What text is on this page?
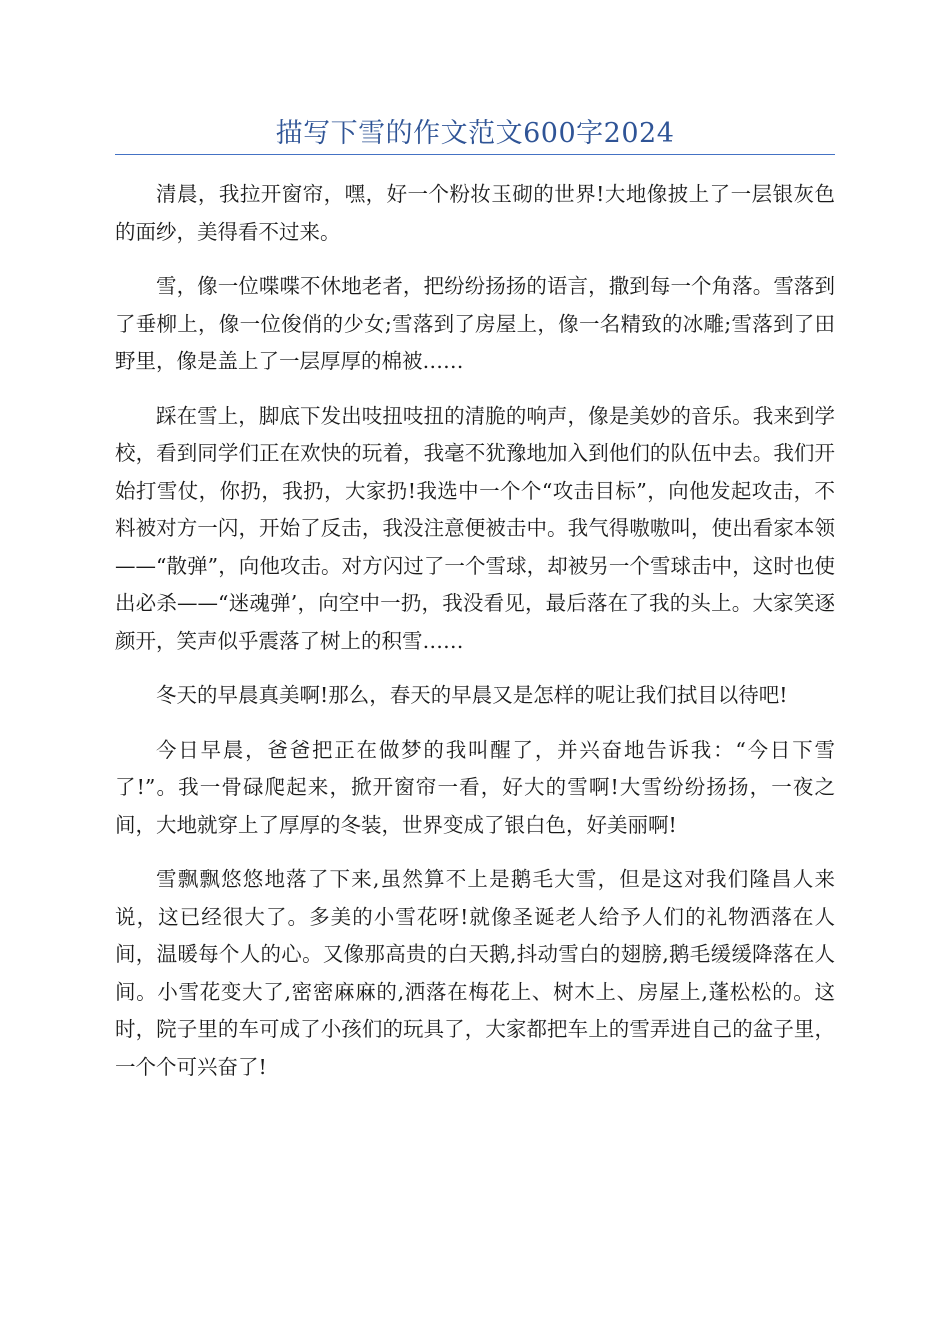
描写下雪的作文范文600字2024

清晨，我拉开窗帘，嘿，好一个粉妆玉砌的世界!大地像披上了一层银灰色的面纱，美得看不过来。

雪，像一位喋喋不休地老者，把纷纷扬扬的语言，撒到每一个角落。雪落到了垂柳上，像一位俊俏的少女;雪落到了房屋上，像一名精致的冰雕;雪落到了田野里，像是盖上了一层厚厚的棉被……

踩在雪上，脚底下发出吱扭吱扭的清脆的响声，像是美妙的音乐。我来到学校，看到同学们正在欢快的玩着，我毫不犹豫地加入到他们的队伍中去。我们开始打雪仗，你扔，我扔，大家扔!我选中一个个“攻击目标”，向他发起攻击，不料被对方一闪，开始了反击，我没注意便被击中。我气得嗷嗷叫，使出看家本领——“散弹”，向他攻击。对方闪过了一个雪球，却被另一个雪球击中，这时也使出必杀——“迷魂弹’，向空中一扔，我没看见，最后落在了我的头上。大家笑逐颜开，笑声似乎震落了树上的积雪……

冬天的早晨真美啊!那么，春天的早晨又是怎样的呢让我们拭目以待吧!

今日早晨，爸爸把正在做梦的我叫醒了，并兴奋地告诉我：“今日下雪了!”。我一骨碌爬起来，掀开窗帘一看，好大的雪啊!大雪纷纷扬扬，一夜之间，大地就穿上了厚厚的冬装，世界变成了银白色，好美丽啊!

雪飘飘悠悠地落了下来,虽然算不上是鹅毛大雪，但是这对我们隆昌人来说，这已经很大了。多美的小雪花呀!就像圣诞老人给予人们的礼物洒落在人间，温暖每个人的心。又像那高贵的白天鹅,抖动雪白的翅膀,鹅毛缓缓降落在人间。小雪花变大了,密密麻麻的,洒落在梅花上、树木上、房屋上,蓬松松的。这时，院子里的车可成了小孩们的玩具了，大家都把车上的雪弄进自己的盆子里，一个个可兴奋了!
